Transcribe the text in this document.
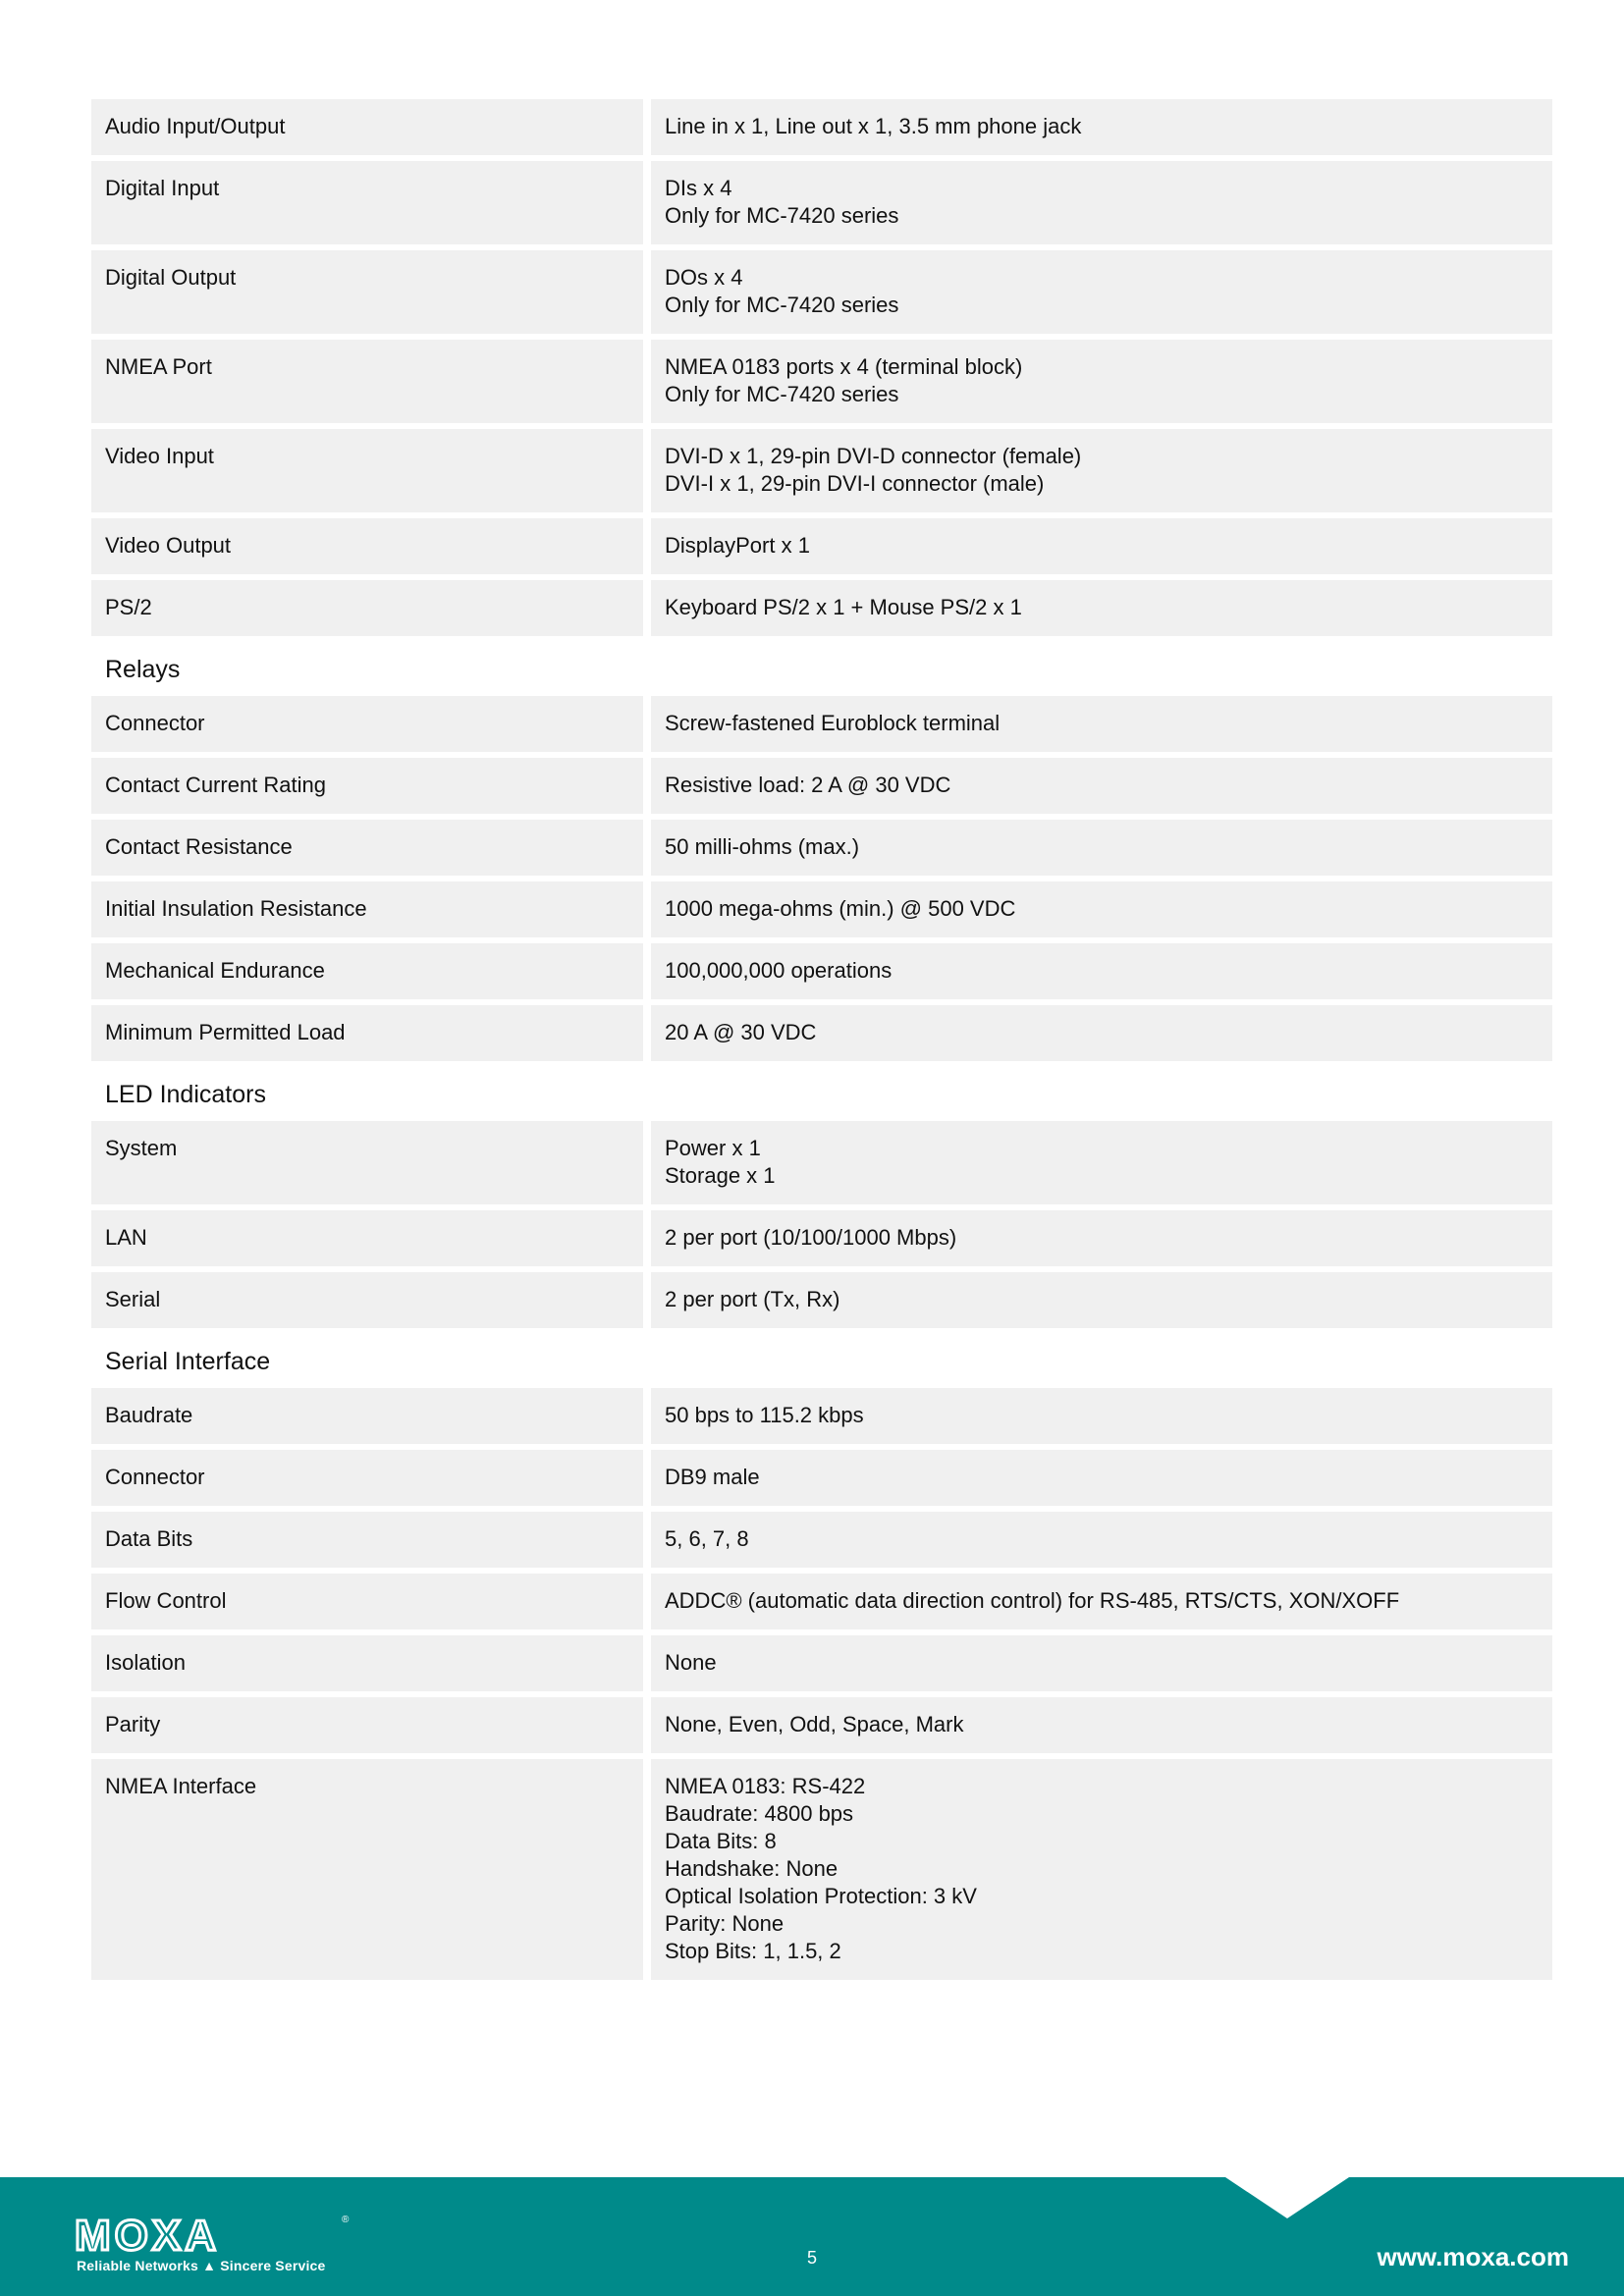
Audio Input/Output	Line in x 1, Line out x 1, 3.5 mm phone jack
Digital Input	DIs x 4
Only for MC-7420 series
Digital Output	DOs x 4
Only for MC-7420 series
NMEA Port	NMEA 0183 ports x 4 (terminal block)
Only for MC-7420 series
Video Input	DVI-D x 1, 29-pin DVI-D connector (female)
DVI-I x 1, 29-pin DVI-I connector (male)
Video Output	DisplayPort x 1
PS/2	Keyboard PS/2 x 1 + Mouse PS/2 x 1
Relays
Connector	Screw-fastened Euroblock terminal
Contact Current Rating	Resistive load: 2 A @ 30 VDC
Contact Resistance	50 milli-ohms (max.)
Initial Insulation Resistance	1000 mega-ohms (min.) @ 500 VDC
Mechanical Endurance	100,000,000 operations
Minimum Permitted Load	20 A @ 30 VDC
LED Indicators
System	Power x 1
Storage x 1
LAN	2 per port (10/100/1000 Mbps)
Serial	2 per port (Tx, Rx)
Serial Interface
Baudrate	50 bps to 115.2 kbps
Connector	DB9 male
Data Bits	5, 6, 7, 8
Flow Control	ADDC® (automatic data direction control) for RS-485, RTS/CTS, XON/XOFF
Isolation	None
Parity	None, Even, Odd, Space, Mark
NMEA Interface	NMEA 0183: RS-422
Baudrate: 4800 bps
Data Bits: 8
Handshake: None
Optical Isolation Protection: 3 kV
Parity: None
Stop Bits: 1, 1.5, 2
MOXA	®
Reliable Networks ▲ Sincere Service	5	www.moxa.com
